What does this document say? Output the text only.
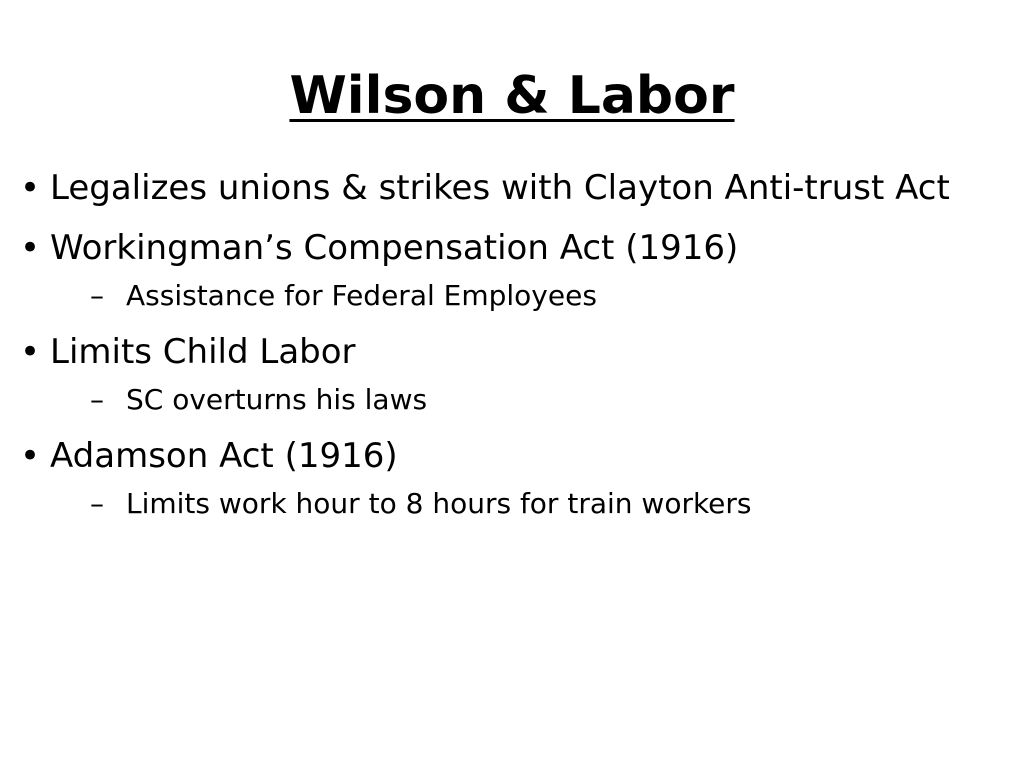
Wilson & Labor
• Legalizes unions & strikes with Clayton Anti-trust Act
• Workingman’s Compensation Act (1916)
– Assistance for Federal Employees
• Limits Child Labor
– SC overturns his laws
• Adamson Act (1916)
– Limits work hour to 8 hours for train workers
